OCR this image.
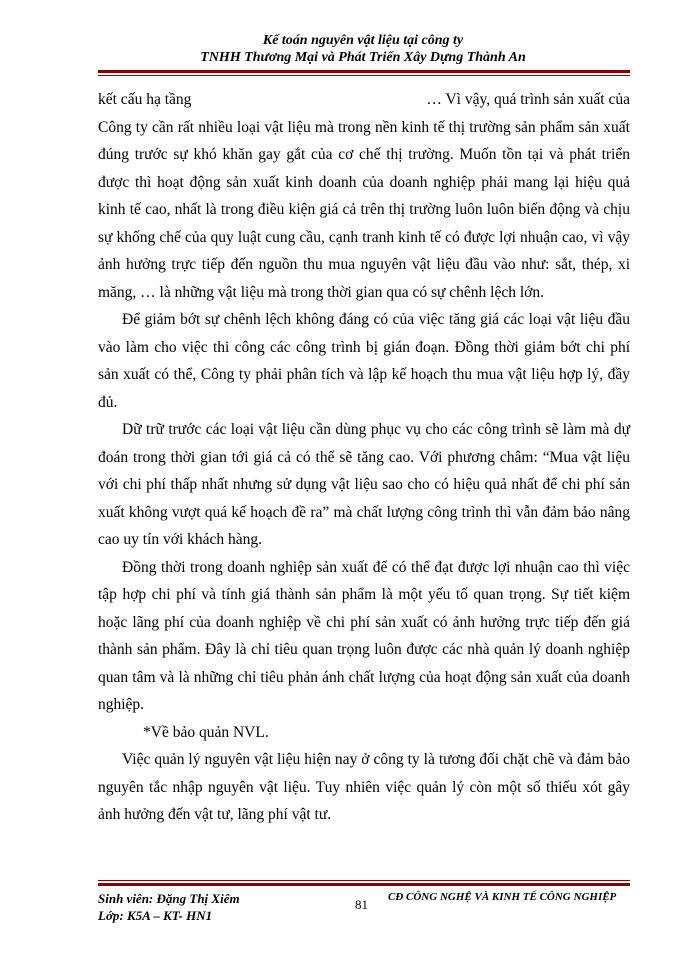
Kế toán nguyên vật liệu tại công ty
TNHH Thương Mại và Phát Triển Xây Dựng Thành An
kết cấu hạ tầng	… Vì vậy, quá trình sản xuất của

Công ty cần rất nhiều loại vật liệu mà trong nền kinh tế thị trường sản phẩm sản xuất đúng trước sự khó khăn gay gắt của cơ chế thị trường. Muốn tồn tại và phát triển được thì hoạt động sản xuất kinh doanh của doanh nghiệp phải mang lại hiệu quả kinh tế cao, nhất là trong điều kiện giá cả trên thị trường luôn luôn biến động và chịu sự khống chế của quy luật cung cầu, cạnh tranh kinh tế có được lợi nhuận cao, vì vậy ảnh hưởng trực tiếp đến nguồn thu mua nguyên vật liệu đầu vào như: sắt, thép, xi măng, … là những vật liệu mà trong thời gian qua có sự chênh lệch lớn.

Để giảm bớt sự chênh lệch không đáng có của việc tăng giá các loại vật liệu đầu vào làm cho việc thi công các công trình bị gián đoạn. Đồng thời giảm bớt chi phí sản xuất có thể, Công ty phải phân tích và lập kế hoạch thu mua vật liệu hợp lý, đầy đủ.

Dữ trữ trước các loại vật liệu cần dùng phục vụ cho các công trình sẽ làm mà dự đoán trong thời gian tới giá cả có thể sẽ tăng cao. Với phương châm: “Mua vật liệu với chi phí thấp nhất nhưng sử dụng vật liệu sao cho có hiệu quả nhất để chi phí sản xuất không vượt quá kế hoạch đề ra” mà chất lượng công trình thì vẫn đảm bảo nâng cao uy tín với khách hàng.

Đồng thời trong doanh nghiệp sản xuất để có thể đạt được lợi nhuận cao thì việc tập hợp chi phí và tính giá thành sản phẩm là một yếu tố quan trọng. Sự tiết kiệm hoặc lãng phí của doanh nghiệp về chi phí sản xuất có ảnh hưởng trực tiếp đến giá thành sản phẩm. Đây là chỉ tiêu quan trọng luôn được các nhà quản lý doanh nghiệp quan tâm và là những chỉ tiêu phản ánh chất lượng của hoạt động sản xuất của doanh nghiệp.

*Về bảo quản NVL.

Việc quản lý nguyên vật liệu hiện nay ở công ty là tương đối chặt chẽ và đảm bảo nguyên tắc nhập nguyên vật liệu. Tuy nhiên việc quản lý còn một số thiếu xót gây ảnh hưởng đến vật tư, lãng phí vật tư.

Sinh viên: Đặng Thị Xiêm
Lớp: K5A – KT- HN1
81 CĐ CÔNG NGHỆ VÀ KINH TẾ CÔNG NGHIỆP
